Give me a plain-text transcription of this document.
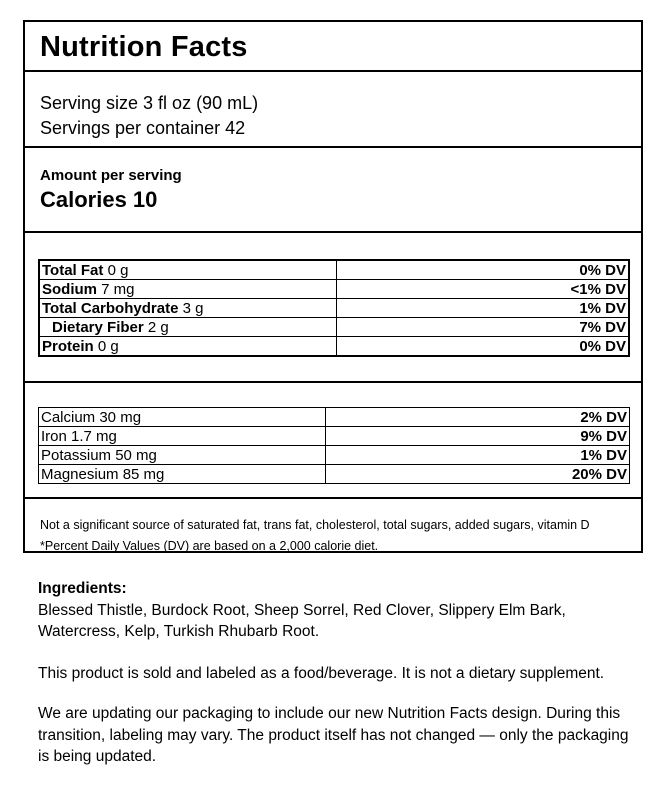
Nutrition Facts
Serving size 3 fl oz (90 mL)
Servings per container 42
Amount per serving
Calories 10
Total Fat 0 g	0% DV
Sodium 7 mg	<1% DV
Total Carbohydrate 3 g	1% DV
Dietary Fiber 2 g	7% DV
Protein 0 g	0% DV
Calcium 30 mg	2% DV
Iron 1.7 mg	9% DV
Potassium 50 mg	1% DV
Magnesium 85 mg	20% DV
Not a significant source of saturated fat, trans fat, cholesterol, total sugars, added sugars, vitamin D
*Percent Daily Values (DV) are based on a 2,000 calorie diet.

Ingredients:

Blessed Thistle, Burdock Root, Sheep Sorrel, Red Clover, Slippery Elm Bark, Watercress, Kelp, Turkish Rhubarb Root.

This product is sold and labeled as a food/beverage. It is not a dietary supplement.

We are updating our packaging to include our new Nutrition Facts design. During this transition, labeling may vary. The product itself has not changed — only the packaging is being updated.
